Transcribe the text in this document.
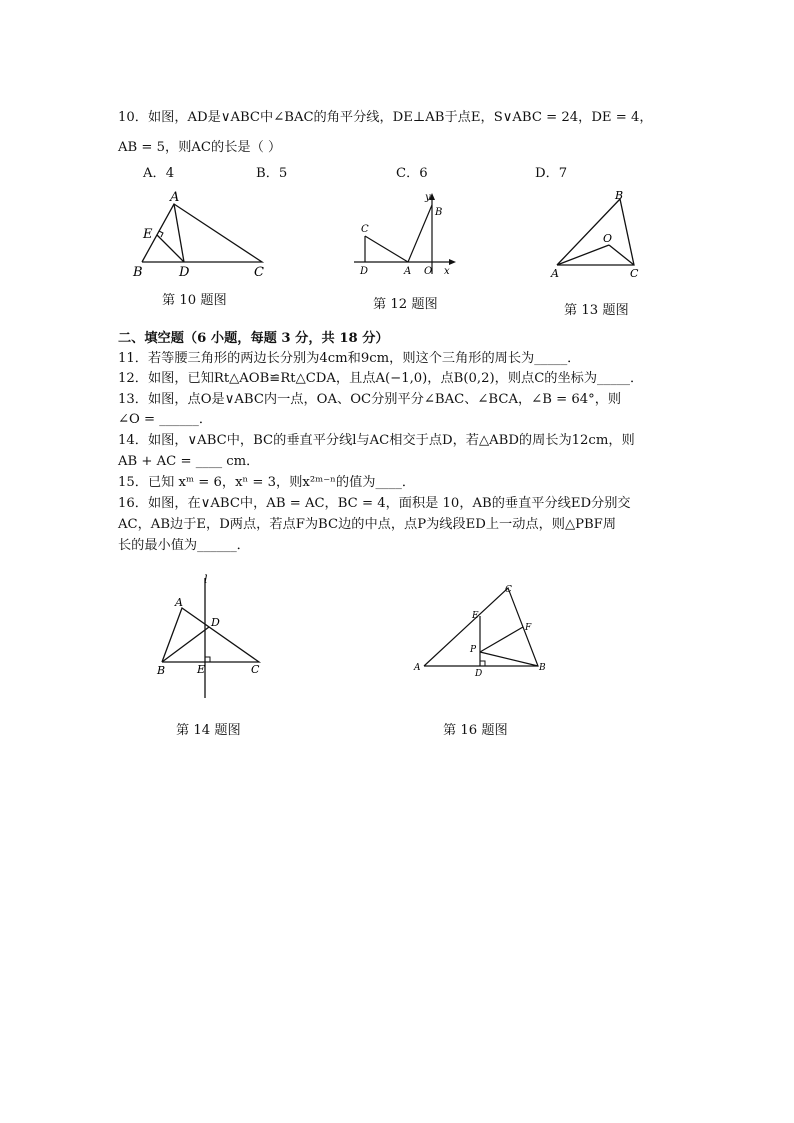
10．如图，AD是∨ABC中∠BAC的角平分线，DE⊥AB于点E，S∨ABC = 24，DE = 4，
AB = 5，则AC的长是（ ）
A．4	B．5	C．6	D．7
A
E
B	D	C
C
D	A O
B
x
y	B
O
A	C
第 10 题图	第 12 题图	第 13 题图
二、填空题（6 小题，每题 3 分，共 18 分）
11．若等腰三角形的两边长分别为4cm和9cm，则这个三角形的周长为_____．
12．如图，已知Rt△AOB≌Rt△CDA，且点A(−1,0)，点B(0,2)，则点C的坐标为_____．
13．如图，点O是∨ABC内一点，OA、OC分别平分∠BAC、∠BCA，∠B = 64°，则
∠O = ______．
14．如图，∨ABC中，BC的垂直平分线l与AC相交于点D，若△ABD的周长为12cm，则
AB + AC = ____ cm．
15．已知 xᵐ = 6，xⁿ = 3，则x²ᵐ⁻ⁿ的值为____．
16．如图，在∨ABC中，AB = AC，BC = 4，面积是 10，AB的垂直平分线ED分别交
AC，AB边于E，D两点，若点F为BC边的中点，点P为线段ED上一动点，则△PBF周
长的最小值为______．
l
A
D
B	E	C
C
E
F
P
A
D
B
第 14 题图	第 16 题图
